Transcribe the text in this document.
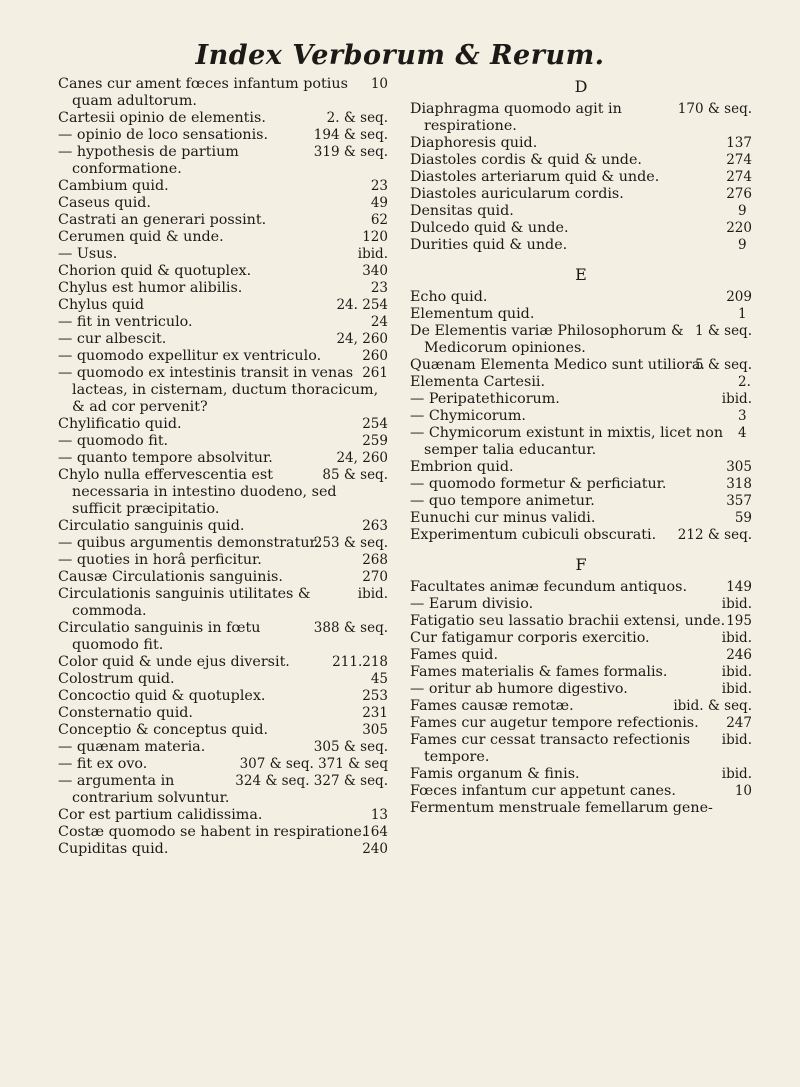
Index Verborum & Rerum.

10
Canes cur ament fœces infantum potius quam adultorum.

2. & seq.
Cartesii opinio de elementis.

194 & seq.
— opinio de loco sensationis.

319 & seq.
— hypothesis de partium conformatione.

23
Cambium quid.

49
Caseus quid.

62
Castrati an generari possint.

120
Cerumen quid & unde.

ibid.
— Usus.

340
Chorion quid & quotuplex.

23
Chylus est humor alibilis.

24. 254
Chylus quid

24
— fit in ventriculo.

24, 260
— cur albescit.

260
— quomodo expellitur ex ventriculo.

261
— quomodo ex intestinis transit in venas lacteas, in cisternam, ductum thoracicum, & ad cor pervenit?

254
Chylificatio quid.

259
— quomodo fit.

24, 260
— quanto tempore absolvitur.

85 & seq.
Chylo nulla effervescentia est necessaria in intestino duodeno, sed sufficit præcipitatio.

263
Circulatio sanguinis quid.

253 & seq.
— quibus argumentis demonstratur.

268
— quoties in horâ perficitur.

270
Causæ Circulationis sanguinis.

ibid.
Circulationis sanguinis utilitates & commoda.

388 & seq.
Circulatio sanguinis in fœtu quomodo fit.

211.218
Color quid & unde ejus diversit.

45
Colostrum quid.

253
Concoctio quid & quotuplex.

231
Consternatio quid.

305
Conceptio & conceptus quid.

305 & seq.
— quænam materia.

307 & seq. 371 & seq
— fit ex ovo.

324 & seq. 327 & seq.
— argumenta in contrarium solvuntur.

13
Cor est partium calidissima.

164
Costæ quomodo se habent in respiratione.

240
Cupiditas quid.

D

170 & seq.
Diaphragma quomodo agit in respiratione.

137
Diaphoresis quid.

274
Diastoles cordis & quid & unde.

274
Diastoles arteriarum quid & unde.

276
Diastoles auricularum cordis.

9
Densitas quid.

220
Dulcedo quid & unde.

9
Durities quid & unde.

E

209
Echo quid.

1
Elementum quid.

1 & seq.
De Elementis variæ Philosophorum & Medicorum opiniones.

5 & seq.
Quænam Elementa Medico sunt utiliora.

2.
Elementa Cartesii.

ibid.
— Peripatethicorum.

3
— Chymicorum.

4
— Chymicorum existunt in mixtis, licet non semper talia educantur.

305
Embrion quid.

318
— quomodo formetur & perficiatur.

357
— quo tempore animetur.

59
Eunuchi cur minus validi.

212 & seq.
Experimentum cubiculi obscurati.

F

149
Facultates animæ fecundum antiquos.

ibid.
— Earum divisio.

195
Fatigatio seu lassatio brachii extensi, unde.

ibid.
Cur fatigamur corporis exercitio.

246
Fames quid.

ibid.
Fames materialis & fames formalis.

ibid.
— oritur ab humore digestivo.

ibid. & seq.
Fames causæ remotæ.

247
Fames cur augetur tempore refectionis.

ibid.
Fames cur cessat transacto refectionis tempore.

ibid.
Famis organum & finis.

10
Fœces infantum cur appetunt canes.

Fermentum menstruale femellarum gene-
